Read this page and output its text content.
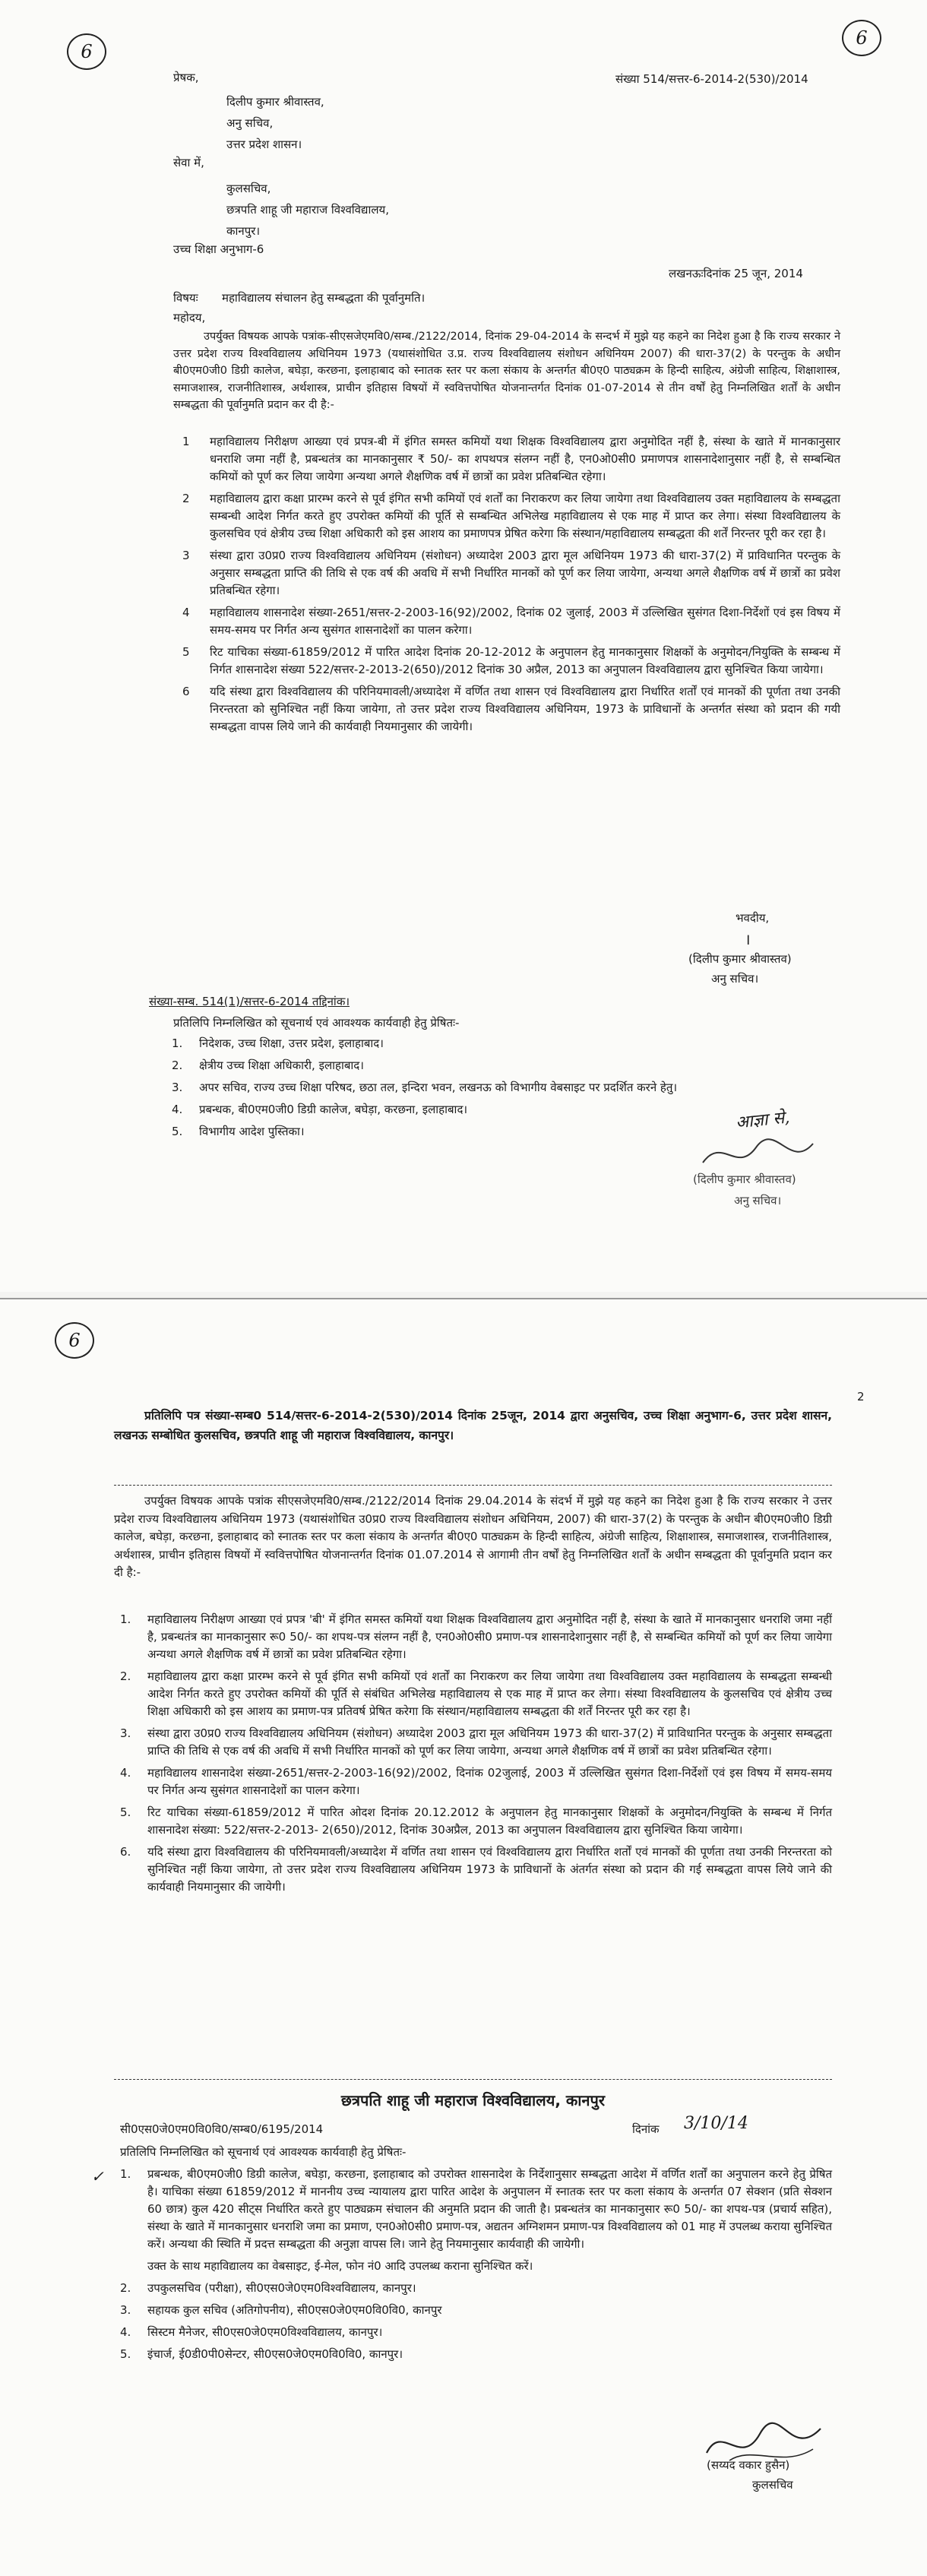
6
6
संख्या 514/सत्तर-6-2014-2(530)/2014
प्रेषक,
दिलीप कुमार श्रीवास्तव,
अनु सचिव,
उत्तर प्रदेश शासन।
सेवा में,
कुलसचिव,
छत्रपति शाहू जी महाराज विश्वविद्यालय,
कानपुर।
उच्च शिक्षा अनुभाग-6
लखनऊःदिनांक 25 जून, 2014
विषयः महाविद्यालय संचालन हेतु सम्बद्धता की पूर्वानुमति।
महोदय,
उपर्युक्त विषयक आपके पत्रांक-सीएसजेएमवि0/सम्ब./2122/2014, दिनांक 29-04-2014 के सन्दर्भ में मुझे यह कहने का निदेश हुआ है कि राज्य सरकार ने उत्तर प्रदेश राज्य विश्वविद्यालय अधिनियम 1973 (यथासंशोधित उ.प्र. राज्य विश्वविद्यालय संशोधन अधिनियम 2007) की धारा-37(2) के परन्तुक के अधीन बी0एम0जी0 डिग्री कालेज, बघेड़ा, करछना, इलाहाबाद को स्नातक स्तर पर कला संकाय के अन्तर्गत बी0ए0 पाठ्यक्रम के हिन्दी साहित्य, अंग्रेजी साहित्य, शिक्षाशास्त्र, समाजशास्त्र, राजनीतिशास्त्र, अर्थशास्त्र, प्राचीन इतिहास विषयों में स्ववित्तपोषित योजनान्तर्गत दिनांक 01-07-2014 से तीन वर्षों हेतु निम्नलिखित शर्तों के अधीन सम्बद्धता की पूर्वानुमति प्रदान कर दी है:-
1 महाविद्यालय निरीक्षण आख्या एवं प्रपत्र-बी में इंगित समस्त कमियों यथा शिक्षक विश्वविद्यालय द्वारा अनुमोदित नहीं है, संस्था के खाते में मानकानुसार धनराशि जमा नहीं है, प्रबन्धतंत्र का मानकानुसार ₹ 50/- का शपथपत्र संलग्न नहीं है, एन0ओ0सी0 प्रमाणपत्र शासनादेशानुसार नहीं है, से सम्बन्धित कमियों को पूर्ण कर लिया जायेगा अन्यथा अगले शैक्षणिक वर्ष में छात्रों का प्रवेश प्रतिबन्धित रहेगा।
2 महाविद्यालय द्वारा कक्षा प्रारम्भ करने से पूर्व इंगित सभी कमियों एवं शर्तों का निराकरण कर लिया जायेगा तथा विश्वविद्यालय उक्त महाविद्यालय के सम्बद्धता सम्बन्धी आदेश निर्गत करते हुए उपरोक्त कमियों की पूर्ति से सम्बन्धित अभिलेख महाविद्यालय से एक माह में प्राप्त कर लेगा। संस्था विश्वविद्यालय के कुलसचिव एवं क्षेत्रीय उच्च शिक्षा अधिकारी को इस आशय का प्रमाणपत्र प्रेषित करेगा कि संस्थान/महाविद्यालय सम्बद्धता की शर्तें निरन्तर पूरी कर रहा है।
3 संस्था द्वारा उ0प्र0 राज्य विश्वविद्यालय अधिनियम (संशोधन) अध्यादेश 2003 द्वारा मूल अधिनियम 1973 की धारा-37(2) में प्राविधानित परन्तुक के अनुसार सम्बद्धता प्राप्ति की तिथि से एक वर्ष की अवधि में सभी निर्धारित मानकों को पूर्ण कर लिया जायेगा, अन्यथा अगले शैक्षणिक वर्ष में छात्रों का प्रवेश प्रतिबन्धित रहेगा।
4 महाविद्यालय शासनादेश संख्या-2651/सत्तर-2-2003-16(92)/2002, दिनांक 02 जुलाई, 2003 में उल्लिखित सुसंगत दिशा-निर्देशों एवं इस विषय में समय-समय पर निर्गत अन्य सुसंगत शासनादेशों का पालन करेगा।
5 रिट याचिका संख्या-61859/2012 में पारित आदेश दिनांक 20-12-2012 के अनुपालन हेतु मानकानुसार शिक्षकों के अनुमोदन/नियुक्ति के सम्बन्ध में निर्गत शासनादेश संख्या 522/सत्तर-2-2013-2(650)/2012 दिनांक 30 अप्रैल, 2013 का अनुपालन विश्वविद्यालय द्वारा सुनिश्चित किया जायेगा।
6 यदि संस्था द्वारा विश्वविद्यालय की परिनियमावली/अध्यादेश में वर्णित तथा शासन एवं विश्वविद्यालय द्वारा निर्धारित शर्तों एवं मानकों की पूर्णता तथा उनकी निरन्तरता को सुनिश्चित नहीं किया जायेगा, तो उत्तर प्रदेश राज्य विश्वविद्यालय अधिनियम, 1973 के प्राविधानों के अन्तर्गत संस्था को प्रदान की गयी सम्बद्धता वापस लिये जाने की कार्यवाही नियमानुसार की जायेगी।
भवदीय,
।
(दिलीप कुमार श्रीवास्तव)
अनु सचिव।
संख्या-सम्ब. 514(1)/सत्तर-6-2014 तद्दिनांक।
प्रतिलिपि निम्नलिखित को सूचनार्थ एवं आवश्यक कार्यवाही हेतु प्रेषितः-
1. निदेशक, उच्च शिक्षा, उत्तर प्रदेश, इलाहाबाद।
2. क्षेत्रीय उच्च शिक्षा अधिकारी, इलाहाबाद।
3. अपर सचिव, राज्य उच्च शिक्षा परिषद, छठा तल, इन्दिरा भवन, लखनऊ को विभागीय वेबसाइट पर प्रदर्शित करने हेतु।
4. प्रबन्धक, बी0एम0जी0 डिग्री कालेज, बघेड़ा, करछना, इलाहाबाद।
5. विभागीय आदेश पुस्तिका।	आज्ञा से,
(दिलीप कुमार श्रीवास्तव)
अनु सचिव।
6
2
प्रतिलिपि पत्र संख्या-सम्ब0 514/सत्तर-6-2014-2(530)/2014 दिनांक 25जून, 2014 द्वारा अनुसचिव, उच्च शिक्षा अनुभाग-6, उत्तर प्रदेश शासन, लखनऊ सम्बोधित कुलसचिव, छत्रपति शाहू जी महाराज विश्वविद्यालय, कानपुर।
उपर्युक्त विषयक आपके पत्रांक सीएसजेएमवि0/सम्ब./2122/2014 दिनांक 29.04.2014 के संदर्भ में मुझे यह कहने का निदेश हुआ है कि राज्य सरकार ने उत्तर प्रदेश राज्य विश्वविद्यालय अधिनियम 1973 (यथासंशोधित उ0प्र0 राज्य विश्वविद्यालय संशोधन अधिनियम, 2007) की धारा-37(2) के परन्तुक के अधीन बी0एम0जी0 डिग्री कालेज, बघेड़ा, करछना, इलाहाबाद को स्नातक स्तर पर कला संकाय के अन्तर्गत बी0ए0 पाठ्यक्रम के हिन्दी साहित्य, अंग्रेजी साहित्य, शिक्षाशास्त्र, समाजशास्त्र, राजनीतिशास्त्र, अर्थशास्त्र, प्राचीन इतिहास विषयों में स्ववित्तपोषित योजनान्तर्गत दिनांक 01.07.2014 से आगामी तीन वर्षों हेतु निम्नलिखित शर्तों के अधीन सम्बद्धता की पूर्वानुमति प्रदान कर दी है:-
1. महाविद्यालय निरीक्षण आख्या एवं प्रपत्र 'बी' में इंगित समस्त कमियों यथा शिक्षक विश्वविद्यालय द्वारा अनुमोदित नहीं है, संस्था के खाते में मानकानुसार धनराशि जमा नहीं है, प्रबन्धतंत्र का मानकानुसार रू0 50/- का शपथ-पत्र संलग्न नहीं है, एन0ओ0सी0 प्रमाण-पत्र शासनादेशानुसार नहीं है, से सम्बन्धित कमियों को पूर्ण कर लिया जायेगा अन्यथा अगले शैक्षणिक वर्ष में छात्रों का प्रवेश प्रतिबन्धित रहेगा।
2. महाविद्यालय द्वारा कक्षा प्रारम्भ करने से पूर्व इंगित सभी कमियों एवं शर्तों का निराकरण कर लिया जायेगा तथा विश्वविद्यालय उक्त महाविद्यालय के सम्बद्धता सम्बन्धी आदेश निर्गत करते हुए उपरोक्त कमियों की पूर्ति से संबंधित अभिलेख महाविद्यालय से एक माह में प्राप्त कर लेगा। संस्था विश्वविद्यालय के कुलसचिव एवं क्षेत्रीय उच्च शिक्षा अधिकारी को इस आशय का प्रमाण-पत्र प्रतिवर्ष प्रेषित करेगा कि संस्थान/महाविद्यालय सम्बद्धता की शर्तें निरन्तर पूरी कर रहा है।
3. संस्था द्वारा उ0प्र0 राज्य विश्वविद्यालय अधिनियम (संशोधन) अध्यादेश 2003 द्वारा मूल अधिनियम 1973 की धारा-37(2) में प्राविधानित परन्तुक के अनुसार सम्बद्धता प्राप्ति की तिथि से एक वर्ष की अवधि में सभी निर्धारित मानकों को पूर्ण कर लिया जायेगा, अन्यथा अगले शैक्षणिक वर्ष में छात्रों का प्रवेश प्रतिबन्धित रहेगा।
4. महाविद्यालय शासनादेश संख्या-2651/सत्तर-2-2003-16(92)/2002, दिनांक 02जुलाई, 2003 में उल्लिखित सुसंगत दिशा-निर्देशों एवं इस विषय में समय-समय पर निर्गत अन्य सुसंगत शासनादेशों का पालन करेगा।
5. रिट याचिका संख्या-61859/2012 में पारित ओदश दिनांक 20.12.2012 के अनुपालन हेतु मानकानुसार शिक्षकों के अनुमोदन/नियुक्ति के सम्बन्ध में निर्गत शासनादेश संख्या: 522/सत्तर-2-2013- 2(650)/2012, दिनांक 30अप्रैल, 2013 का अनुपालन विश्वविद्यालय द्वारा सुनिश्चित किया जायेगा।
6. यदि संस्था द्वारा विश्वविद्यालय की परिनियमावली/अध्यादेश में वर्णित तथा शासन एवं विश्वविद्यालय द्वारा निर्धारित शर्तों एवं मानकों की पूर्णता तथा उनकी निरन्तरता को सुनिश्चित नहीं किया जायेगा, तो उत्तर प्रदेश राज्य विश्वविद्यालय अधिनियम 1973 के प्राविधानों के अंतर्गत संस्था को प्रदान की गई सम्बद्धता वापस लिये जाने की कार्यवाही नियमानुसार की जायेगी।
छत्रपति शाहू जी महाराज विश्वविद्यालय, कानपुर
सी0एस0जे0एम0वि0वि0/सम्ब0/6195/2014	दिनांक 3/10/14
प्रतिलिपि निम्नलिखित को सूचनार्थ एवं आवश्यक कार्यवाही हेतु प्रेषितः-
1. प्रबन्धक, बी0एम0जी0 डिग्री कालेज, बघेड़ा, करछना, इलाहाबाद को उपरोक्त शासनादेश के निर्देशानुसार सम्बद्धता आदेश में वर्णित शर्तों का अनुपालन करने हेतु प्रेषित है। याचिका संख्या 61859/2012 में माननीय उच्च न्यायालय द्वारा पारित आदेश के अनुपालन में स्नातक स्तर पर कला संकाय के अन्तर्गत 07 सेक्शन (प्रति सेक्शन 60 छात्र) कुल 420 सीट्स निर्धारित करते हुए पाठ्यक्रम संचालन की अनुमति प्रदान की जाती है। प्रबन्धतंत्र का मानकानुसार रू0 50/- का शपथ-पत्र (प्रचार्य सहित), संस्था के खाते में मानकानुसार धनराशि जमा का प्रमाण, एन0ओ0सी0 प्रमाण-पत्र, अद्यतन अग्निशमन प्रमाण-पत्र विश्वविद्यालय को 01 माह में उपलब्ध कराया सुनिश्चित करें। अन्यथा की स्थिति में प्रदत्त सम्बद्धता की अनुज्ञा वापस लि। जाने हेतु नियमानुसार कार्यवाही की जायेगी।
उक्त के साथ महाविद्यालय का वेबसाइट, ई-मेल, फोन नं0 आदि उपलब्ध कराना सुनिश्चित करें।
2. उपकुलसचिव (परीक्षा), सी0एस0जे0एम0विश्वविद्यालय, कानपुर।
3. सहायक कुल सचिव (अतिगोपनीय), सी0एस0जे0एम0वि0वि0, कानपुर
4. सिस्टम मैनेजर, सी0एस0जे0एम0विश्वविद्यालय, कानपुर।
5. इंचार्ज, ई0डी0पी0सेन्टर, सी0एस0जे0एम0वि0वि0, कानपुर।
✓
(सय्यद वकार हुसैन)
कुलसचिव
